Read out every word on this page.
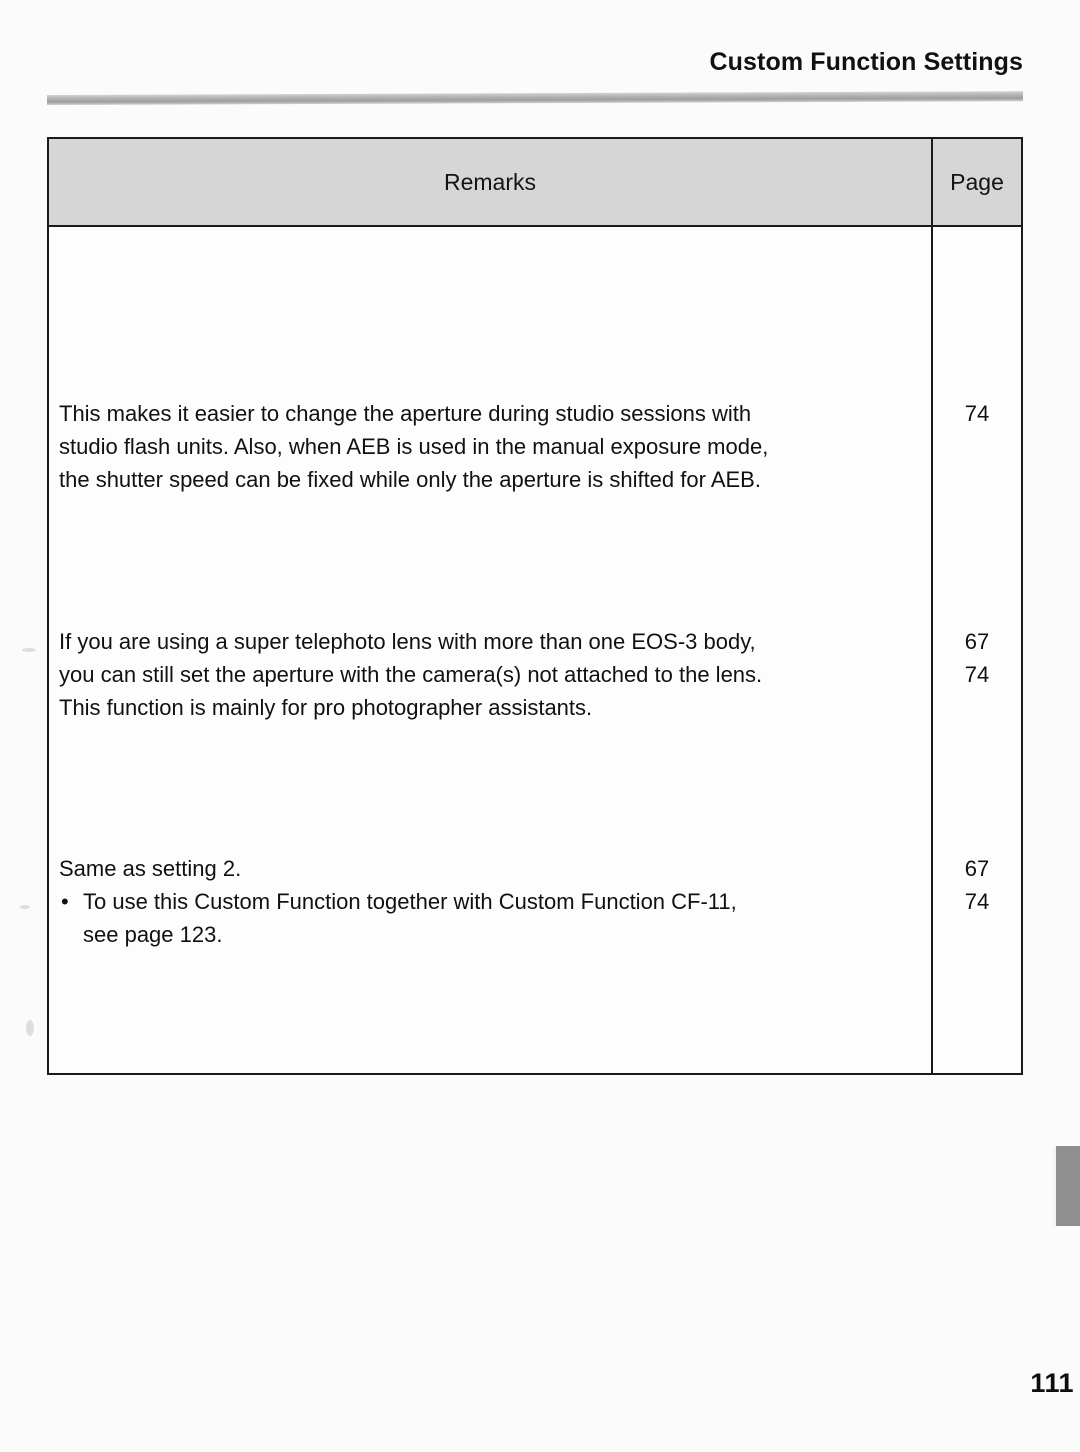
Custom Function Settings
Remarks	Page
This makes it easier to change the aperture during studio sessions with
studio flash units. Also, when AEB is used in the manual exposure mode,
the shutter speed can be fixed while only the aperture is shifted for AEB.
74
If you are using a super telephoto lens with more than one EOS-3 body,
you can still set the aperture with the camera(s) not attached to the lens.
This function is mainly for pro photographer assistants.
67
74
Same as setting 2.
• To use this Custom Function together with Custom Function CF-11,
see page 123.
67
74
111
